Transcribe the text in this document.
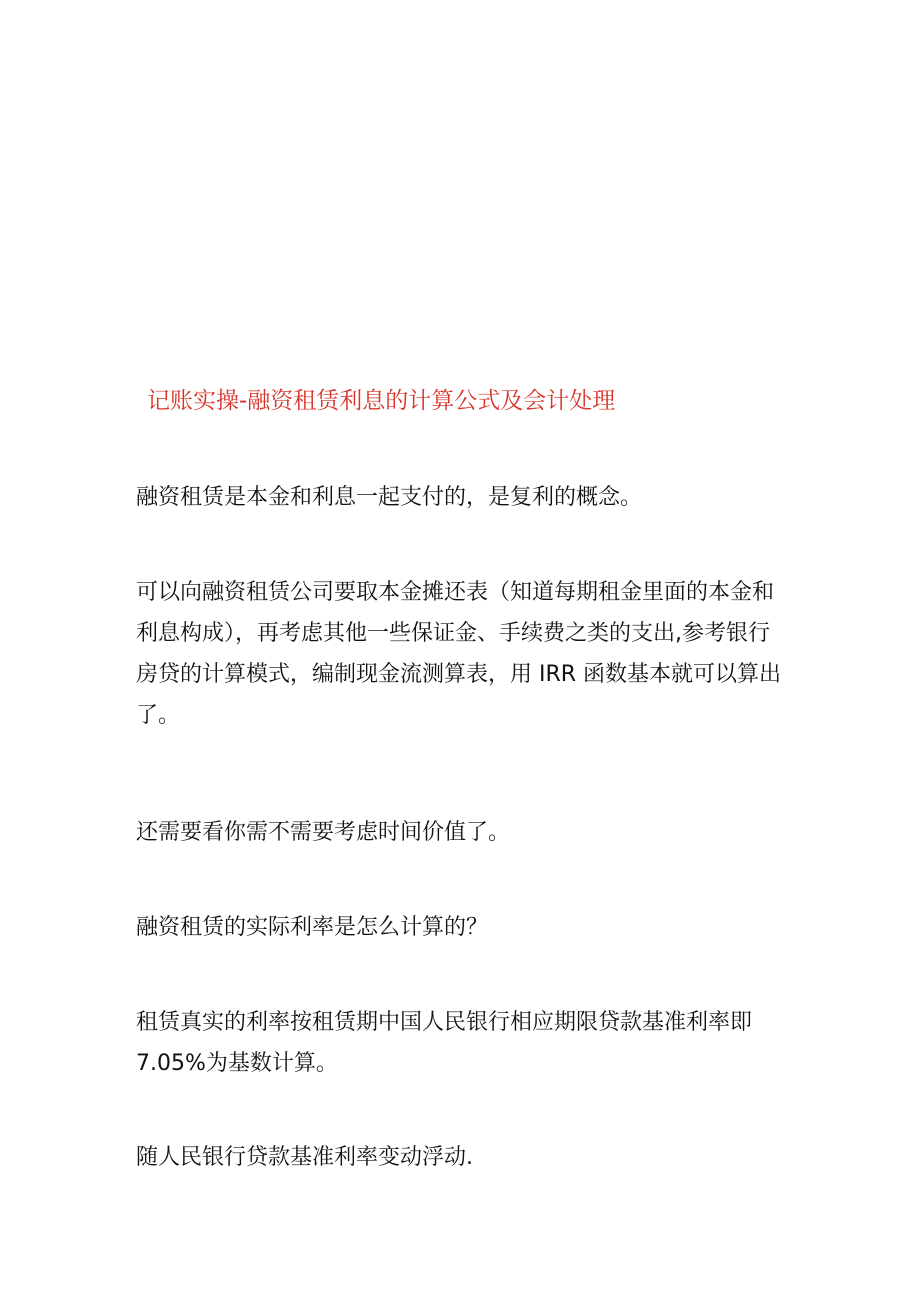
记账实操-融资租赁利息的计算公式及会计处理

融资租赁是本金和利息一起支付的，是复利的概念。

可以向融资租赁公司要取本金摊还表（知道每期租金里面的本金和利息构成），再考虑其他一些保证金、手续费之类的支出,参考银行房贷的计算模式，编制现金流测算表，用 IRR 函数基本就可以算出了。

还需要看你需不需要考虑时间价值了。

融资租赁的实际利率是怎么计算的？

租赁真实的利率按租赁期中国人民银行相应期限贷款基准利率即 7.05%为基数计算。

随人民银行贷款基准利率变动浮动.
